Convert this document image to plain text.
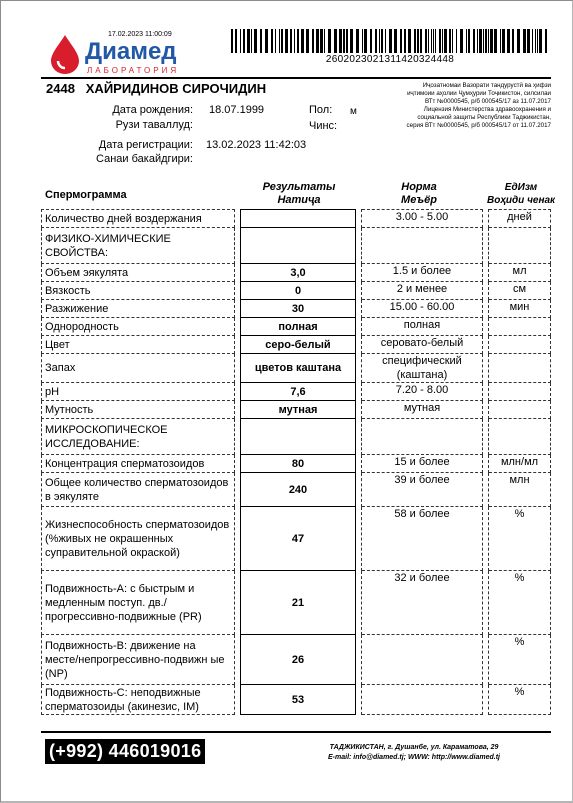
17.02.2023 11:00:09
Диамед
ЛАБОРАТОРИЯ
2602023021311420324448
2448 ХАЙРИДИНОВ СИРОЧИДИН
Дата рождения: 18.07.1999
Рузи таваллуд:
Пол: м
Чинс:
Дата регистрации: 13.02.2023 11:42:03
Санаи бакайдгири:
Иҷозатномаи Вазорати тандурустӣ ва ҳифзи
иҷтимоии аҳолии Ҷумҳурии Тоҷикистон, силсилаи
ВТт №0000545, р/б 000545/17 аз 11.07.2017
Лицензия Министерства здравоохранения и
социальной защиты Республики Таджикистан,
серия ВТт №0000545, р/б 000545/17 от 11.07.2017
Спермограмма
Результаты
Натиҷа
Норма
Меъёр
ЕдИзм
Воҳиди ченак
Количество дней воздержания				3.00 - 5.00		дней
ФИЗИКО-ХИМИЧЕСКИЕ СВОЙСТВА:						
Объем эякулята		3,0		1.5 и более		мл
Вязкость		0		2 и менее		см
Разжижение		30		15.00 - 60.00		мин
Однородность		полная		полная		
Цвет		серо-белый		серовато-белый		
Запах		цветов каштана		специфический (каштана)		
pH		7,6		7.20 - 8.00		
Мутность		мутная		мутная		
МИКРОСКОПИЧЕСКОЕ ИССЛЕДОВАНИЕ:						
Концентрация сперматозоидов		80		15 и более		млн/мл
Общее количество сперматозоидов в эякуляте		240		39 и более		млн
Жизнеспособность сперматозоидов (%живых не окрашенных суправительной окраской)		47		58 и более		%
Подвижность-А: с быстрым и медленным поступ. дв./прогрессивно-подвижные (PR)		21		32 и более		%
Подвижность-В: движение на месте/непрогрессивно-подвижн ые (NP)		26				%
Подвижность-С: неподвижные сперматозоиды (акинезис, IM)		53				%
(+992) 446019016	ТАДЖИКИСТАН, г. Душанбе, ул. Караматова, 29
E-mail: info@diamed.tj; WWW: http://www.diamed.tj
